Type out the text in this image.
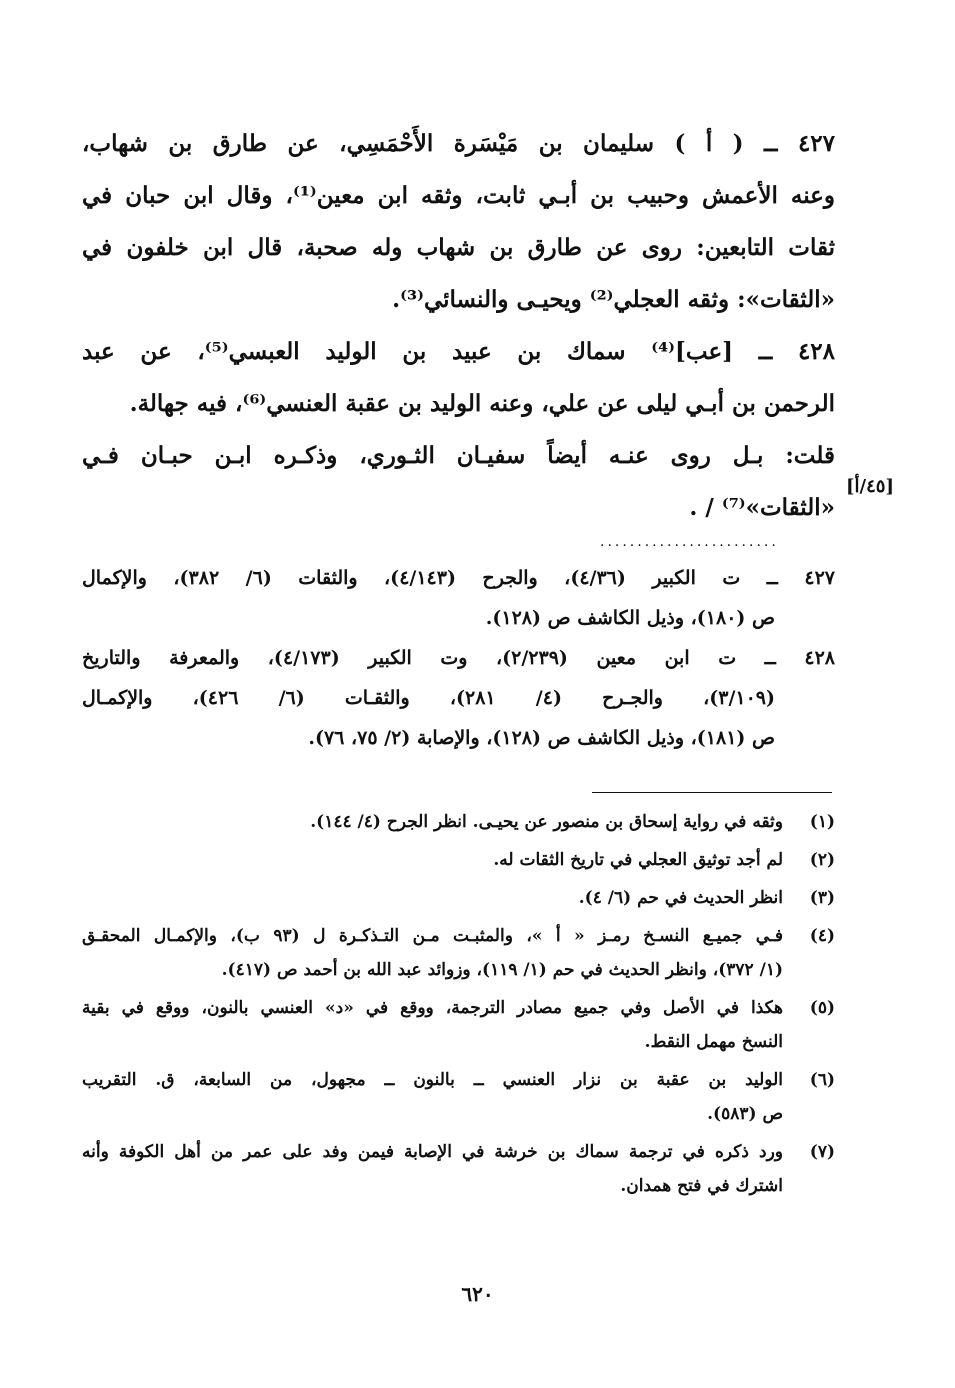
٤٢٧ ــ ( أ ) سليمان بن مَيْسَرة الأَحْمَسِي، عن طارق بن شهاب،
وعنه الأعمش وحبيب بن أبـي ثابت، وثقه ابن معين⁽¹⁾، وقال ابن حبان في
ثقات التابعين: روى عن طارق بن شهاب وله صحبة، قال ابن خلفون في
«الثقات»: وثقه العجلي⁽²⁾ ويحيـى والنسائي⁽³⁾.
٤٢٨ ــ [عب]⁽⁴⁾ سماك بن عبيد بن الوليد العبسي⁽⁵⁾، عن عبد
الرحمن بن أبـي ليلى عن علي، وعنه الوليد بن عقبة العنسي⁽⁶⁾، فيه جهالة.
قلت: بـل روى عنـه أيضاً سفيـان الثـوري، وذكـره ابـن حبـان فـي
«الثقات»⁽⁷⁾ / .
[٤٥/أ]
........................
٤٢٧ ــ ت الكبير (٤/٣٦)، والجرح (٤/١٤٣)، والثقات (٦/ ٣٨٢)، والإكمال
ص (١٨٠)، وذيل الكاشف ص (١٢٨).
٤٢٨ ــ ت ابن معين (٢/٢٣٩)، وت الكبير (٤/١٧٣)، والمعرفة والتاريخ
(٣/١٠٩)، والجـرح (٤/ ٢٨١)، والثقـات (٦/ ٤٢٦)، والإكمـال
ص (١٨١)، وذيل الكاشف ص (١٢٨)، والإصابة (٢/ ٧٥، ٧٦).
(١)
وثقه في رواية إسحاق بن منصور عن يحيـى. انظر الجرح (٤/ ١٤٤).
(٢)
لم أجد توثيق العجلي في تاريخ الثقات له.
(٣)
انظر الحديث في حم (٦/ ٤).
(٤)
فـي جميـع النسـخ رمـز « أ »، والمثبـت مـن التـذكـرة ل (٩٣ ب)، والإكمـال المحقـق
(١/ ٣٧٢)، وانظر الحديث في حم (١/ ١١٩)، وزوائد عبد الله بن أحمد ص (٤١٧).
(٥)
هكذا في الأصل وفي جميع مصادر الترجمة، ووقع في «د» العنسي بالنون، ووقع في بقية
النسخ مهمل النقط.
(٦)
الوليد بن عقبة بن نزار العنسي ــ بالنون ــ مجهول، من السابعة، ق. التقريب
ص (٥٨٣).
(٧)
ورد ذكره في ترجمة سماك بن خرشة في الإصابة فيمن وفد على عمر من أهل الكوفة وأنه
اشترك في فتح همدان.
٦٢٠
